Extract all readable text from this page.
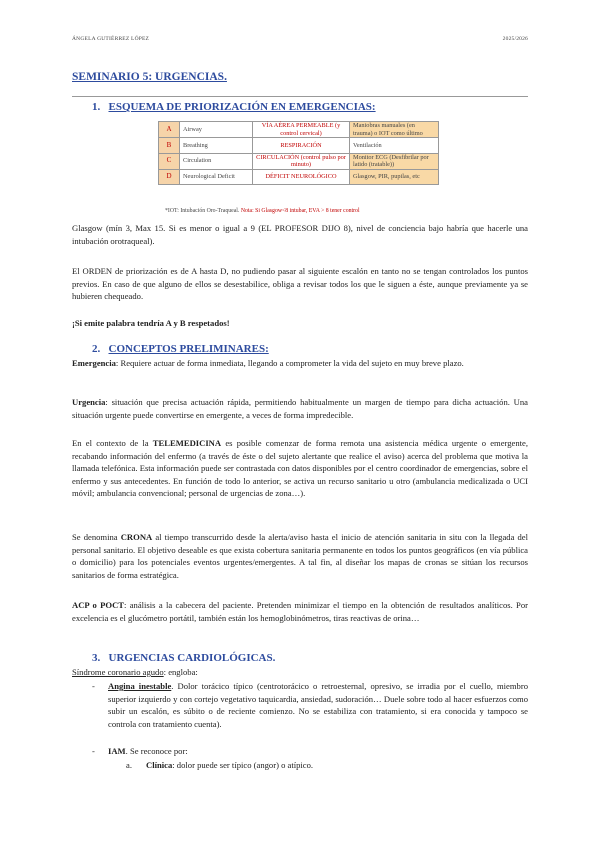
ÁNGELA GUTIÉRREZ LÓPEZ	2025/2026
SEMINARIO 5: URGENCIAS.
1. ESQUEMA DE PRIORIZACIÓN EN EMERGENCIAS:
A	Airway	VÍA AÉREA PERMEABLE (y control cervical)	Maniobras manuales (en trauma) o IOT como último
B	Breathing	RESPIRACIÓN	Ventilación
C	Circulation	CIRCULACIÓN (control pulso por minuto)	Monitor ECG (Desfibrilar por latido (tratable))
D	Neurological Deficit	DÉFICIT NEUROLÓGICO	Glasgow, PIR, pupilas, etc
*IOT: Intubación Oro-Traqueal. Nota: Si Glasgow<8 intubar, EVA > 8 tener control
Glasgow (mín 3, Max 15. Si es menor o igual a 9 (EL PROFESOR DIJO 8), nivel de conciencia bajo habría que hacerle una intubación orotraqueal).
El ORDEN de priorización es de A hasta D, no pudiendo pasar al siguiente escalón en tanto no se tengan controlados los puntos previos. En caso de que alguno de ellos se desestabilice, obliga a revisar todos los que le siguen a éste, aunque previamente ya se hubieren chequeado.
¡Si emite palabra tendría A y B respetados!
2. CONCEPTOS PRELIMINARES:
Emergencia: Requiere actuar de forma inmediata, llegando a comprometer la vida del sujeto en muy breve plazo.
Urgencia: situación que precisa actuación rápida, permitiendo habitualmente un margen de tiempo para dicha actuación. Una situación urgente puede convertirse en emergente, a veces de forma impredecible.
En el contexto de la TELEMEDICINA es posible comenzar de forma remota una asistencia médica urgente o emergente, recabando información del enfermo (a través de éste o del sujeto alertante que realice el aviso) acerca del problema que motiva la llamada telefónica. Esta información puede ser contrastada con datos disponibles por el centro coordinador de emergencias, sobre el enfermo y sus antecedentes. En función de todo lo anterior, se activa un recurso sanitario u otro (ambulancia medicalizada o UCI móvil; ambulancia convencional; personal de urgencias de zona…).
Se denomina CRONA al tiempo transcurrido desde la alerta/aviso hasta el inicio de atención sanitaria in situ con la llegada del personal sanitario. El objetivo deseable es que exista cobertura sanitaria permanente en todos los puntos geográficos (en vía pública o domicilio) para los potenciales eventos urgentes/emergentes. A tal fin, al diseñar los mapas de cronas se sitúan los recursos sanitarios de forma estratégica.
ACP o POCT: análisis a la cabecera del paciente. Pretenden minimizar el tiempo en la obtención de resultados analíticos. Por excelencia es el glucómetro portátil, también están los hemoglobinómetros, tiras reactivas de orina…
3. URGENCIAS CARDIOLÓGICAS.
Síndrome coronario agudo: engloba:
- Angina inestable. Dolor torácico típico (centrotorácico o retroesternal, opresivo, se irradia por el cuello, miembro superior izquierdo y con cortejo vegetativo taquicardia, ansiedad, sudoración… Duele sobre todo al hacer esfuerzos como subir un escalón, es súbito o de reciente comienzo. No se estabiliza con tratamiento, si era conocida y tampoco se controla con tratamiento cuenta).
- IAM. Se reconoce por:
a. Clínica: dolor puede ser típico (angor) o atípico.
